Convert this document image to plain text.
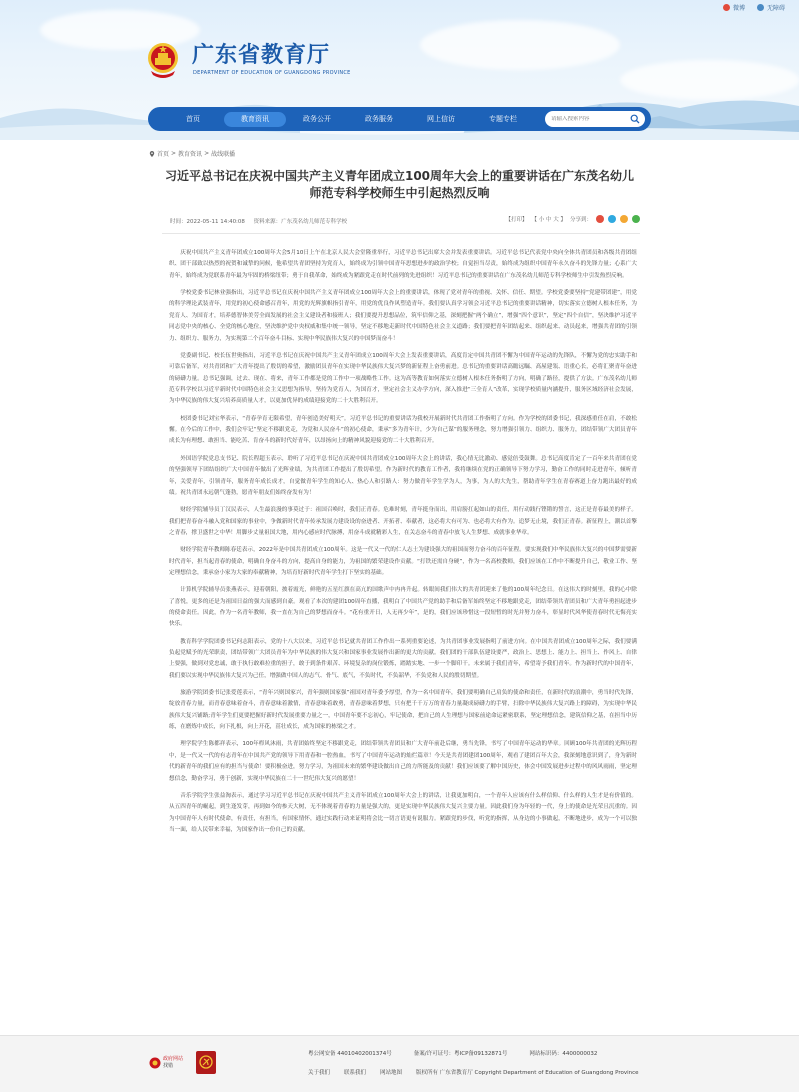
微博	无障碍
广东省教育厅
DEPARTMENT OF EDUCATION OF GUANGDONG PROVINCE
首页	教育资讯	政务公开	政务服务	网上信访	专题专栏
请输入搜索内容
首页 > 教育资讯 > 战线联播
习近平总书记在庆祝中国共产主义青年团成立100周年大会上的重要讲话在广东茂名幼儿师范专科学校师生中引起热烈反响
时间：2022-05-11 14:40:08 资料来源：广东茂名幼儿师范专科学校	【打印】 【 小 中 大 】 分享到：

庆祝中国共产主义青年团成立100周年大会5月10日上午在北京人民大会堂隆重举行，习近平总书记出席大会并发表重要讲话。习近平总书记代表党中央向全体共青团员和各级共青团组织、团干部致以热烈的祝贺和诚挚的问候，他希望共青团坚持为党育人，始终成为引领中国青年思想进步的政治学校；自觉担当尽责，始终成为组织中国青年永久奋斗的先锋力量；心系广大青年，始终成为党联系青年最为牢固的桥梁纽带；勇于自我革命，始终成为紧跟党走在时代前列的先进组织！习近平总书记的重要讲话在广东茂名幼儿师范专科学校师生中引发热烈反响。

学校党委书记林业强指出，习近平总书记在庆祝中国共产主义青年团成立100周年大会上的重要讲话，体现了党对青年的重视、关怀、信任、期望。学校党委要坚持“党建带团建”，用党的科学理论武装青年，用党的初心使命感召青年，用党的光辉旗帜指引青年，用党的优良作风塑造青年。我们要认真学习领会习近平总书记的重要讲话精神，切实落实立德树人根本任务，为党育人、为国育才，培养德智体美劳全面发展的社会主义建设者和接班人；我们要提升思想品位，筑牢信仰之基，深刻把握“两个确立”，增强“四个意识”，坚定“四个自信”，坚决维护习近平同志党中央的核心、全党的核心地位，坚决维护党中央权威和集中统一领导，坚定不移地走新时代中国特色社会主义道路；我们要把青年团结起来、组织起来、动员起来，增强共青团的引领力、组织力、服务力，为实现第二个百年奋斗目标、实现中华民族伟大复兴的中国梦而奋斗！

党委副书记、校长伍世奥指出，习近平总书记在庆祝中国共产主义青年团成立100周年大会上发表重要讲话，高度肯定中国共青团不懈为中国青年运动的先锋队，不懈为党的忠实助手和可靠后备军，对共青团和广大青年提出了殷切的希望，激励团员青年在实现中华民族伟大复兴梦的新征程上奋勇前进。总书记的重要讲话高瞻远瞩、高屋建瓴、语重心长，必将汇聚青年奋进的磅礴力量。总书记强调，过去、现在、将来，青年工作都是党的工作中一项战略性工作。这为高等教育如何落实立德树人根本任务指明了方向，明确了路径，提供了方法。广东茂名幼儿师范专科学校以习近平新时代中国特色社会主义思想为指导，坚持为党育人，为国育才，坚定社会主义办学方向，深入推进“三全育人”改革，实现学校质量内涵提升，服务区域经济社会发展，为中华民族的伟大复兴培养高质量人才，以更加优异的成绩迎接党的二十大胜利召开。

校团委书记刘宝华表示，“青春孕育无限希望，青年创造美好明天”。习近平总书记的重要讲话为我校开展新时代共青团工作指明了方向。作为学校的团委书记，我深感重任在肩，不敢松懈。在今后的工作中，我们会牢记“坚定不移跟党走，为党和人民奋斗”的初心使命，秉承“多为青年计，少为自己谋”的服务理念，努力增强引领力、组织力、服务力，团结带领广大团员青年成长为有理想、敢担当、能吃苦、肯奋斗的新时代好青年，以昂扬向上的精神风貌迎接党的二十大胜利召开。

外国语学院党总支书记、院长程超玉表示，聆听了习近平总书记在庆祝中国共青团成立100周年大会上的讲话，我心情无比激动、感觉倍受鼓舞。总书记高度肯定了一百年来共青团在党的坚强领导下团结组织广大中国青年做出了光辉业绩，为共青团工作提出了殷切希望。作为新时代的教育工作者，我将继续在党的正确领导下努力学习，勤奋工作的同时走进青年，倾听青年，关爱青年，引领青年，服务青年成长成才，自觉做青年学生的知心人、热心人和引路人：努力做青年学生学为人，为事，为人的大先生，帮助青年学生在青春赛道上奋力跑出最好的成绩。祝共青团永远朝气蓬勃，愿青年朋友们始终奋发有为！

财经学院辅导员丁汉民表示，人生最浪漫的事莫过于：祖国召唤时，我们正青春。危难时刻，青年挺身而出，用肩膀扛起如山的责任，用行动践行铿锵的誓言，这正是青春最美的样子。我们把青春奋斗融入党和国家的事业中，争做新时代青年传承发展力建设设的奋进者、开拓者、奉献者，这必将大有可为、也必将大有作为。追梦无止境，我们正青春。新征程上，潮以首擎之青春，撑卫盛世之中华！用脚步丈量祖国大地，用内心感应时代脉搏，用奋斗成就精彩人生，在关志奋斗的青春中放飞人生梦想、成就事业华章。

财经学院青年教师陈春廷表示，2022年是中国共青团成立100周年。这是一代又一代的仁人志士为建设强大的祖国而努力奋斗的百年征程。要实现我们中华民族伟大复兴的中国梦需要新时代青年，担当起青春的使命，明确自身奋斗的方向，提高自身的能力，为祖国的繁荣建设作贡献。“打铁还需自身硬”，作为一名高校教师，我们应该在工作中不断提升自己，敬业工作、坚定理想信念，秉承奋小家为大家的奉献精神，为培育好新时代青年学生打下坚实的基础。

计算机学院辅导员张燕表示，迎着朝阳，披着霞光，鲜艳的五星红旗在高亢的国歌声中冉冉升起。转眼间我们伟大的共青团迎来了他的100周年纪念日。在这伟大的时刻里，我的心中除了喜悦，更多的还是为祖国日益的强大而感到自豪。观看了本次的建团100周年直播，我明白了中国共产党的助手和后备军始终坚定不移地跟党走，团结带领共青团员和广大青年勇担起进步的使命责任。因此，作为一名青年教师，我一直在为自己的梦想而奋斗。“花有重开日，人无再少年”，是的，我们应该珍惜这一段短暂的时光并努力奋斗，彰显时代风华使青春时代无悔亮实快乐。

教育科学学院团委书记何志阳表示，党的十八大以来，习近平总书记就共青团工作作出一系列重要论述，为共青团事业发展指明了前进方向。在中国共青团成立100周年之际，我们要满负起党赋予的光荣职责，团结带领广大团员青年为中华民族的伟大复兴和国家事业发展作出新的更大的贡献。我们团的干部队伍建设要严，政治上、思想上、能力上、担当上、作风上、自律上要强，做到对党忠诚，敢于执行敢难拉重的担子，敢于到条件艰苦、环境复杂的岗位锻炼，踏踏实地、一步一个脚印干。未来属于我们青年，希望寄予我们青年。作为新时代的中国青年，我们要以实现中华民族伟大复兴为己任，增强做中国人的志气、骨气、底气，不负时代，不负韶华，不负党和人民的殷切期望。

旅游学院团委书记张爱莲表示，“青年兴则国家兴，青年强则国家强”祖国对青年委予厚望，作为一名中国青年，我们要明确自己肩负的使命和责任，在新时代的浪潮中，勇当时代先锋，绽放青春力量，而青春意味着奋斗，青春意味着激情，青春意味着敢勇，青春意味着梦想，只有把千千万万的青春力量凝成磅礴力的手臂，扫除中华民族伟大复兴路上的障碍，为实现中华民族伟大复兴铺路;青年学生们更要把握好新时代发展重要力量之一，中国青年要不忘初心，牢记使命，把自己的人生理想与国家前途命运紧密联系，坚定理想信念，建筑信仰之基，在担当中历练，在磨炼中成长，向下扎根，向上开花，茁壮成长，成为国家的栋梁之才。

理学院学生陈都祥表示，100年栉风沐雨，共青团始终坚定不移跟党走，团结带领共青团员和广大青年前赴后继，勇当先锋，书写了中国青年运动的华章。回顾100年共青团的光辉历程中，是一代又一代的有志青年在中国共产党的领导下用青春和一腔热血，书写了中国青年运动的灿烂篇章！今天是共青团建团100周年，观看了建团百年大会，我深刻地意识到了，身为新时代的新青年的我们应有的担当与使命！要积极奋进，努力学习，为祖国未来的繁华建设做出自己的力所能及的贡献！我们应该要了解中国历史，体会中国发展进步过程中的风风雨雨，坚定理想信念，勤奋学习，勇于创新，实现中华民族在二十一世纪伟大复兴的愿望！

音乐学院学生张益淘表示，通过学习习近平总书记在庆祝中国共产主义青年团成立100周年大会上的讲话，让我更加明白，一个青年人应该有什么样信仰、什么样的人生才是有价值的。从五四青年的崛起，到生逢发芽，再到如今的参天大树，无不体现着青春的力量是强大的，更是实现中华民族伟大复兴主要力量。因此我们身为年轻的一代，身上的使命是光荣且沉重的。因为中国青年人有时代使命，有责任，有担当，有国家情怀，通过实践行动来证明将会比一切言语更有说服力。紧跟党的步伐，听党的指挥，从身边的小事做起，不断地进步，成为一个可以独当一面，给人民带来幸福，为国家作出一份自己的贡献。

政府网站
找错
粤公网安备 44010402001374号	备案/许可证号：粤ICP备09132871号	网站标识码：4400000032
关于我们	联系我们	网站地图	版权所有 广东省教育厅 Copyright Department of Education of Guangdong Province
